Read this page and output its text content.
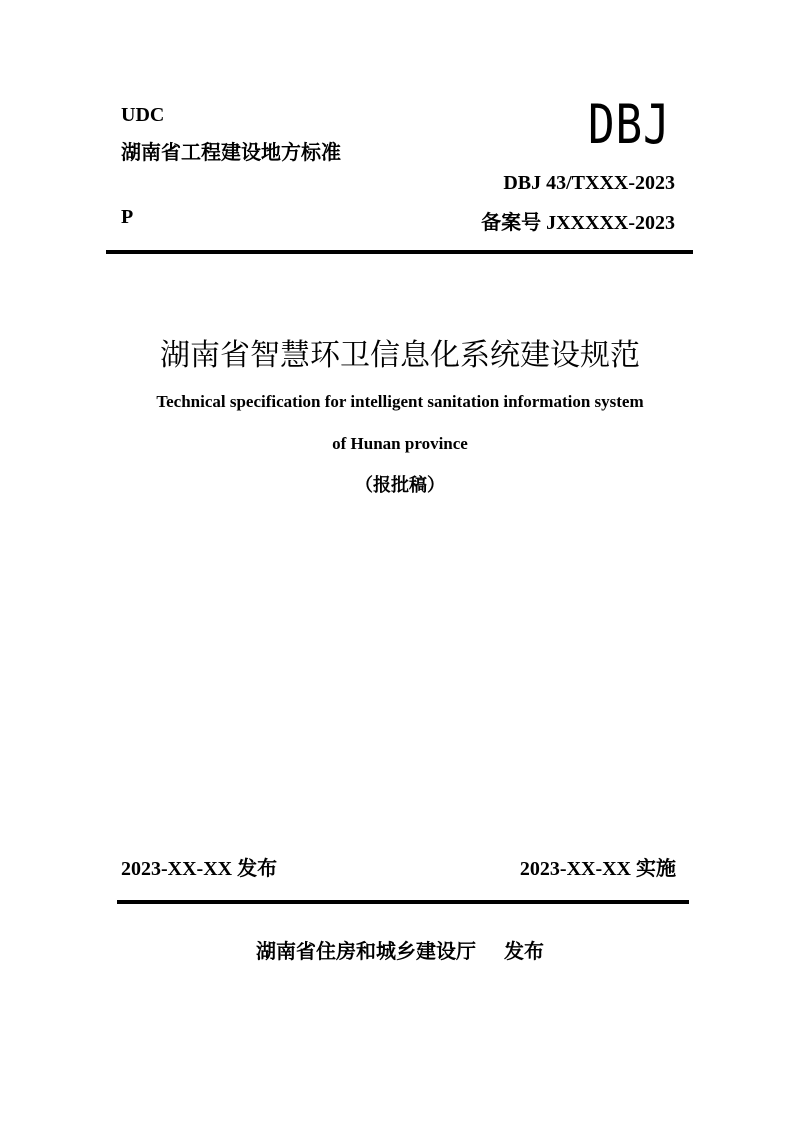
UDC

湖南省工程建设地方标准	DBJ

DBJ 43/TXXX-2023

P	备案号 JXXXXX-2023

湖南省智慧环卫信息化系统建设规范

Technical specification for intelligent sanitation information system

of Hunan province

（报批稿）

2023-XX-XX 发布	2023-XX-XX 实施

湖南省住房和城乡建设厅 发布
